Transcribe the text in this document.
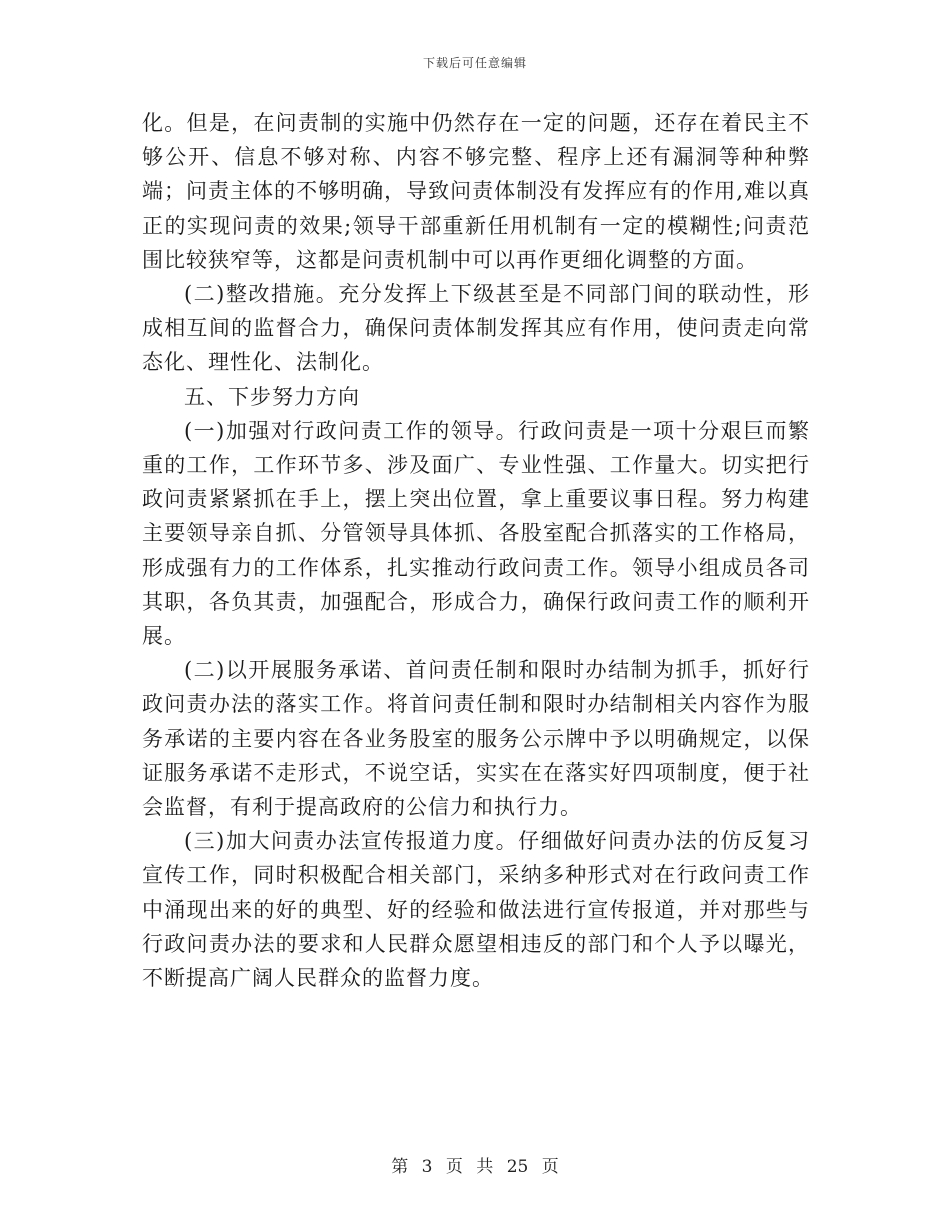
下载后可任意编辑

化。但是，在问责制的实施中仍然存在一定的问题，还存在着民主不够公开、信息不够对称、内容不够完整、程序上还有漏洞等种种弊端；问责主体的不够明确，导致问责体制没有发挥应有的作用,难以真正的实现问责的效果;领导干部重新任用机制有一定的模糊性;问责范围比较狭窄等，这都是问责机制中可以再作更细化调整的方面。

(二)整改措施。充分发挥上下级甚至是不同部门间的联动性，形成相互间的监督合力，确保问责体制发挥其应有作用，使问责走向常态化、理性化、法制化。

五、下步努力方向

(一)加强对行政问责工作的领导。行政问责是一项十分艰巨而繁重的工作，工作环节多、涉及面广、专业性强、工作量大。切实把行政问责紧紧抓在手上，摆上突出位置，拿上重要议事日程。努力构建主要领导亲自抓、分管领导具体抓、各股室配合抓落实的工作格局，形成强有力的工作体系，扎实推动行政问责工作。领导小组成员各司其职，各负其责，加强配合，形成合力，确保行政问责工作的顺利开展。

(二)以开展服务承诺、首问责任制和限时办结制为抓手，抓好行政问责办法的落实工作。将首问责任制和限时办结制相关内容作为服务承诺的主要内容在各业务股室的服务公示牌中予以明确规定，以保证服务承诺不走形式，不说空话，实实在在落实好四项制度，便于社会监督，有利于提高政府的公信力和执行力。

(三)加大问责办法宣传报道力度。仔细做好问责办法的仿反复习宣传工作，同时积极配合相关部门，采纳多种形式对在行政问责工作中涌现出来的好的典型、好的经验和做法进行宣传报道，并对那些与行政问责办法的要求和人民群众愿望相违反的部门和个人予以曝光，不断提高广阔人民群众的监督力度。

第 3 页 共 25 页
